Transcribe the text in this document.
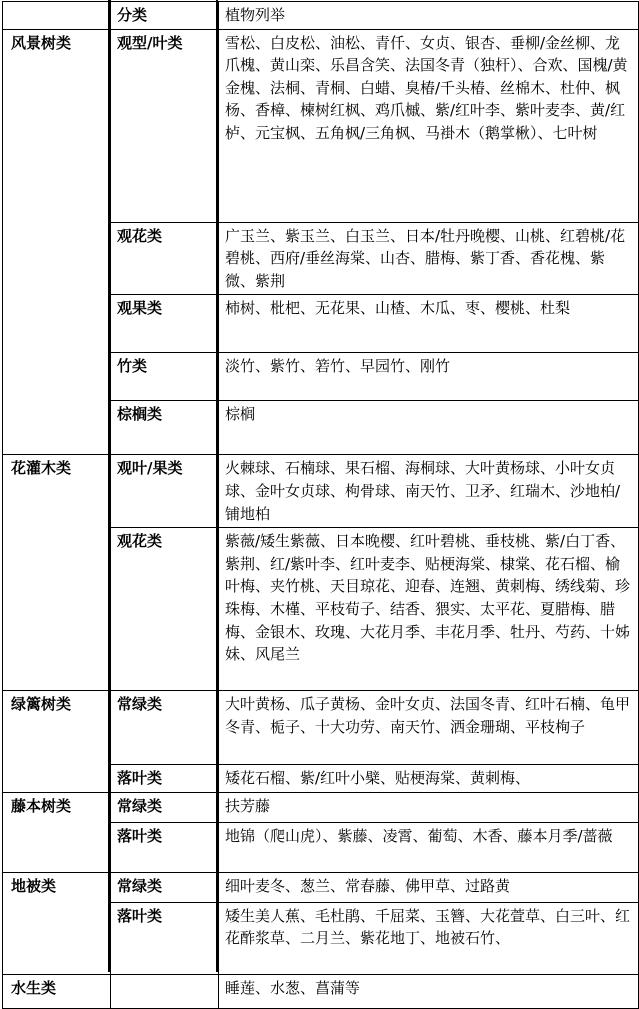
	分类	植物列举
风景树类	观型/叶类	雪松、白皮松、油松、青仟、女贞、银杏、垂柳/金丝柳、龙爪槐、黄山栾、乐昌含笑、法国冬青（独杆）、合欢、国槐/黄金槐、法桐、青桐、白蜡、臭椿/千头椿、丝棉木、杜仲、枫杨、香樟、楝树红枫、鸡爪槭、紫/红叶李、紫叶麦李、黄/红栌、元宝枫、五角枫/三角枫、马褂木（鹅掌楸）、七叶树
	观花类	广玉兰、紫玉兰、白玉兰、日本/牡丹晚樱、山桃、红碧桃/花碧桃、西府/垂丝海棠、山杏、腊梅、紫丁香、香花槐、紫微、紫荆
	观果类	柿树、枇杷、无花果、山楂、木瓜、枣、樱桃、杜梨
	竹类	淡竹、紫竹、箬竹、早园竹、刚竹
	棕榈类	棕榈
花灌木类	观叶/果类	火棘球、石楠球、果石榴、海桐球、大叶黄杨球、小叶女贞球、金叶女贞球、枸骨球、南天竹、卫矛、红瑞木、沙地柏/ 铺地柏
	观花类	紫薇/矮生紫薇、日本晚樱、红叶碧桃、垂枝桃、紫/白丁香、紫荆、红/紫叶李、红叶麦李、贴梗海棠、棣棠、花石榴、榆叶梅、夹竹桃、天目琼花、迎春、连翘、黄刺梅、绣线菊、珍珠梅、木槿、平枝荀子、结香、猥实、太平花、夏腊梅、腊梅、金银木、玫瑰、大花月季、丰花月季、牡丹、芍药、十姊妹、风尾兰
绿篱树类	常绿类	大叶黄杨、瓜子黄杨、金叶女贞、法国冬青、红叶石楠、龟甲冬青、栀子、十大功劳、南天竹、洒金珊瑚、平枝栒子
	落叶类	矮花石榴、紫/红叶小檗、贴梗海棠、黄刺梅、
藤本树类	常绿类	扶芳藤
	落叶类	地锦（爬山虎）、紫藤、凌霄、葡萄、木香、藤本月季/蔷薇
地被类	常绿类	细叶麦冬、葱兰、常春藤、佛甲草、过路黄
	落叶类	矮生美人蕉、毛杜鹃、千屈菜、玉簪、大花萱草、白三叶、红花酢浆草、二月兰、紫花地丁、地被石竹、
水生类		睡莲、水葱、菖蒲等
